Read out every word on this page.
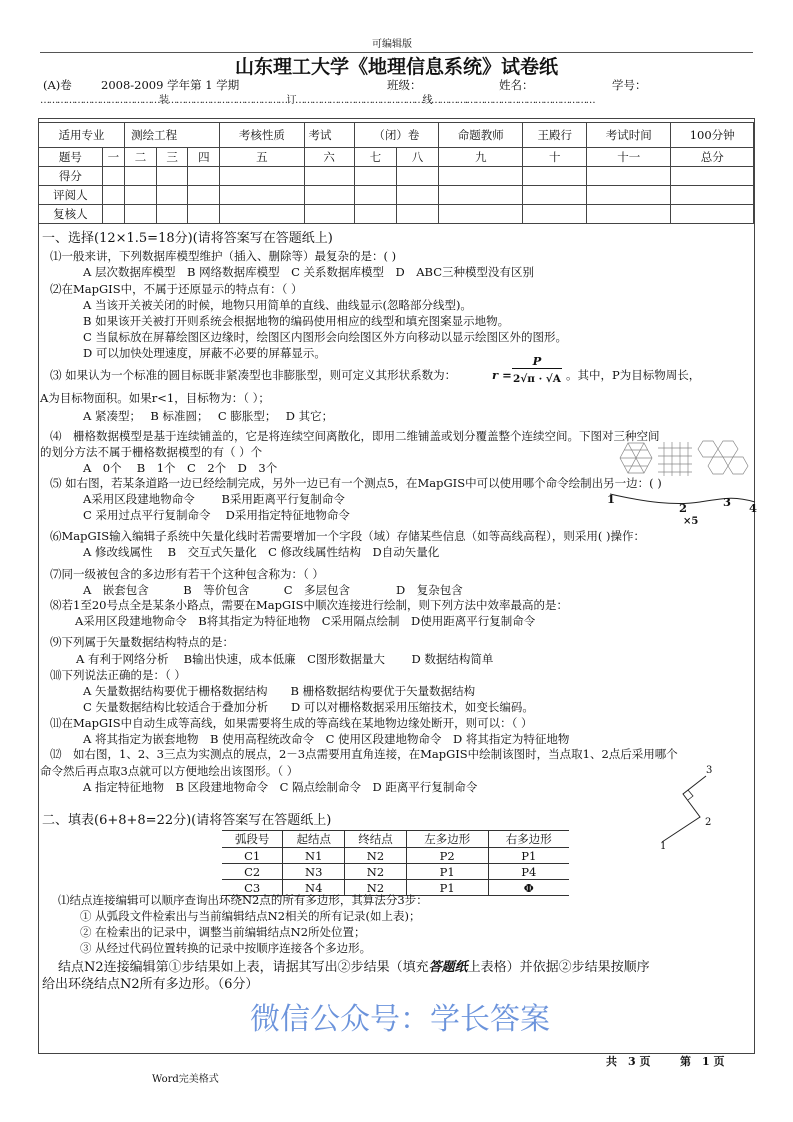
可编辑版
山东理工大学《地理信息系统》试卷纸
(A)卷	2008-2009 学年第 1 学期	班级：	姓名：	学号：
……………………………………装……………………………………订………………………………………线………….………………………………………
适用专业		测绘工程			考核性质	考试	（闭）卷		命题教师	王殿行	考试时间	100分钟
题号	一	二	三	四	五	六	七	八	九	十	十一	总分
得分												
评阅人												
复核人												
一、选择(12×1.5=18分)(请将答案写在答题纸上)
⑴一般来讲，下列数据库模型维护（插入、删除等）最复杂的是：( )
A 层次数据库模型　B 网络数据库模型　C 关系数据库模型　D　ABC三种模型没有区别
⑵在MapGIS中，不属于还原显示的特点有：（ ）
A 当该开关被关闭的时候，地物只用简单的直线、曲线显示(忽略部分线型)。
B 如果该开关被打开则系统会根据地物的编码使用相应的线型和填充图案显示地物。
C 当鼠标放在屏幕绘图区边缘时，绘图区内图形会向绘图区外方向移动以显示绘图区外的图形。
D 可以加快处理速度，屏蔽不必要的屏幕显示。
⑶ 如果认为一个标准的圆目标既非紧凑型也非膨胀型，则可定义其形状系数为：	r =
P
2√π · √A 。其中，P为目标物周长，
A为目标物面积。如果r<1，目标物为：（ ）；
A 紧凑型；　 B 标准圆；　 C 膨胀型；　 D 其它；
⑷　栅格数据模型是基于连续铺盖的，它是将连续空间离散化，即用二维铺盖或划分覆盖整个连续空间。下图对三种空间
的划分方法不属于栅格数据模型的有（ ）个
A　0个　 B　1个　C　2个　D　3个
⑸ 如右图，若某条道路一边已经绘制完成，另外一边已有一个测点5，在MapGIS中可以使用哪个命令绘制出另一边：( )
A采用区段建地物命令　　 B采用距离平行复制命令
C 采用过点平行复制命令　 D采用指定特征地物命令
1
2	3 4
×5
⑹MapGIS输入编辑子系统中矢量化线时若需要增加一个字段（域）存储某些信息（如等高线高程），则采用( )操作：
A 修改线属性　 B　交互式矢量化　C 修改线属性结构　D自动矢量化
⑺同一级被包含的多边形有若干个这种包含称为：（ ）
A　嵌套包含　　　B　等价包含　　　C　多层包含　　　　D　复杂包含
⑻若1至20号点全是某条小路点，需要在MapGIS中顺次连接进行绘制，则下列方法中效率最高的是：
A采用区段建地物命令　B将其指定为特征地物　C采用隔点绘制　D使用距离平行复制命令
⑼下列属于矢量数据结构特点的是：
A 有利于网络分析　 B输出快速，成本低廉　C图形数据量大　　 D 数据结构简单
⑽下列说法正确的是：（ ）
A 矢量数据结构要优于栅格数据结构　　B 栅格数据结构要优于矢量数据结构
C 矢量数据结构比较适合于叠加分析　　D 可以对栅格数据采用压缩技术，如变长编码。
⑾在MapGIS中自动生成等高线，如果需要将生成的等高线在某地物边缘处断开，则可以：（ ）
A 将其指定为嵌套地物　B 使用高程统改命令　C 使用区段建地物命令　D 将其指定为特征地物
⑿　如右图，1、2、3三点为实测点的展点，2－3点需要用直角连接，在MapGIS中绘制该图时，当点取1、2点后采用哪个
命令然后再点取3点就可以方便地绘出该图形。（ ）
A 指定特征地物　B 区段建地物命令　C 隔点绘制命令　D 距离平行复制命令
1
2
3
二、填表(6+8+8=22分)(请将答案写在答题纸上)
弧段号	起结点	终结点	左多边形	右多边形
C1	N1	N2	P2	P1
C2	N3	N2	P1	P4
C3	N4	N2	P1	Φ
⑴结点连接编辑可以顺序查询出环绕N2点的所有多边形，其算法分3步：
① 从弧段文件检索出与当前编辑结点N2相关的所有记录(如上表)；
② 在检索出的记录中，调整当前编辑结点N2所处位置；
③ 从经过代码位置转换的记录中按顺序连接各个多边形。
结点N2连接编辑第①步结果如上表，请据其写出②步结果（填充答题纸上表格）并依据②步结果按顺序
给出环绕结点N2所有多边形。（6分）
微信公众号：学长答案
共　3 页	第　1 页
Word完美格式
